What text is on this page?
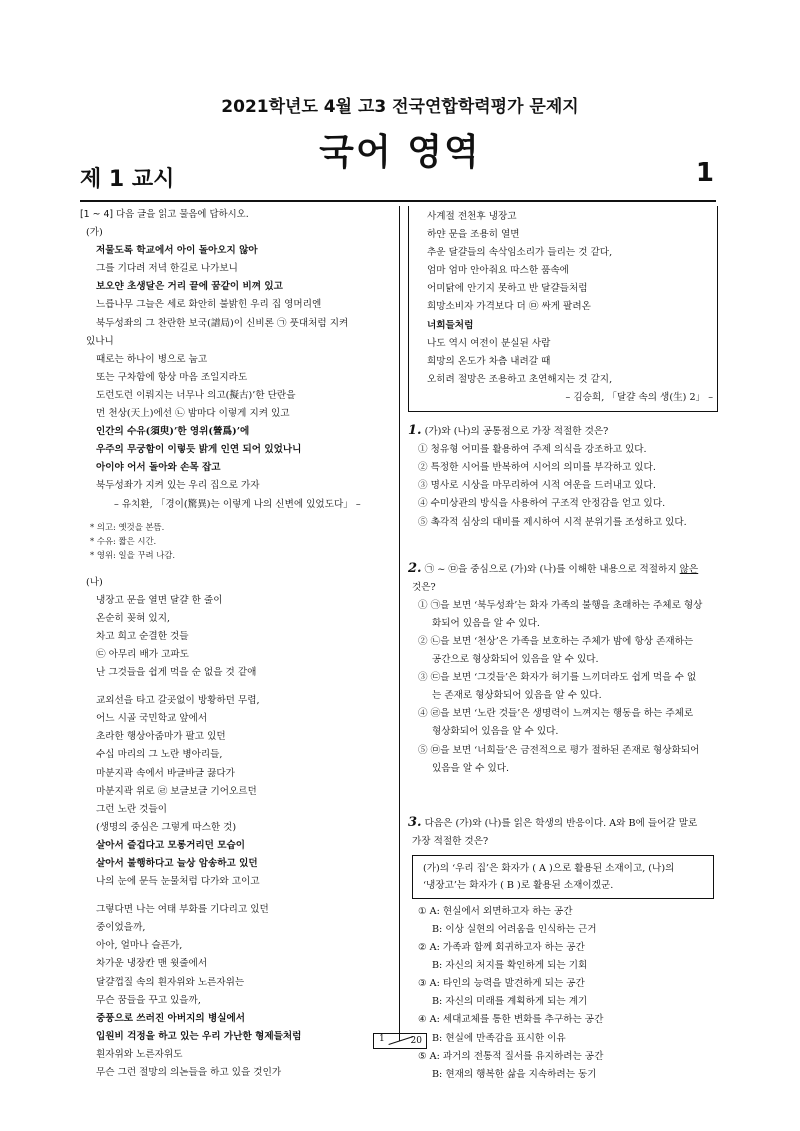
2021학년도 4월 고3 전국연합학력평가 문제지
국어 영역
제 1 교시	1
[1 ~ 4] 다음 글을 읽고 물음에 답하시오.
(가)
저물도록 학교에서 아이 돌아오지 않아
그를 기다려 저녁 한길로 나가보니
보오얀 초생달은 거리 끝에 꿈같이 비껴 있고
느릅나무 그늘은 세로 화안히 불밝힌 우리 집 영머리엔
북두성좌의 그 찬란한 보국(譜局)이 신비론 ㉠ 풋대처럼 지켜
있나니
때로는 하나이 병으로 눕고
또는 구차함에 항상 마음 조일지라도
도런도런 이뤄지는 너무나 의고(擬古)’한 단란을
먼 천상(天上)에선 ㉡ 밤마다 이렇게 지켜 있고
인간의 수유(須臾)’한 영위(營爲)’에
우주의 무궁함이 이렇듯 밝게 인연 되어 있었나니
아이야 어서 돌아와 손목 잡고
북두성좌가 지켜 있는 우리 집으로 가자
– 유치환, 「경이(驚異)는 이렇게 나의 신변에 있었도다」 –
* 의고: 옛것을 본뜸.
* 수유: 짧은 시간.
* 영위: 일을 꾸려 나감.
(나)
냉장고 문을 열면 달걀 한 줄이
온순히 꽂혀 있지,
차고 희고 순결한 것들
㉢ 아무리 배가 고파도
난 그것들을 쉽게 먹을 순 없을 것 같애
교외선을 타고 갈곳없이 방황하던 무렵,
어느 시골 국민학교 앞에서
초라한 행상아줌마가 팔고 있던
수십 마리의 그 노란 병아리들,
마분지곽 속에서 바글바글 끓다가
마분지곽 위로 ㉣ 보글보글 기어오르던
그런 노란 것들이
(생명의 중심은 그렇게 따스한 것)
살아서 즐겁다고 모롱거리던 모습이
살아서 불행하다고 늘상 암송하고 있던
나의 눈에 문득 눈물처럼 다가와 고이고
그렇다면 나는 여태 부화를 기다리고 있던
중이었을까,
아아, 얼마나 슬픈가,
차가운 냉장칸 맨 윗줄에서
달걀껍질 속의 흰자위와 노른자위는
무슨 꿈들을 꾸고 있을까,
중풍으로 쓰러진 아버지의 병실에서
입원비 걱정을 하고 있는 우리 가난한 형제들처럼
흰자위와 노른자위도
무슨 그런 절망의 의논들을 하고 있을 것인가
사계절 전천후 냉장고
하얀 문을 조용히 열면
추운 달걀들의 속삭임소리가 들리는 것 같다,
엄마 엄마 안아줘요 따스한 품속에
어미닭에 안기지 못하고 반 달걀들처럼
희망소비자 가격보다 더 ㉤ 싸게 팔려온
너희들처럼
나도 역시 여전이 분실된 사람
희망의 온도가 차츰 내려갈 때
오히려 절망은 조용하고 초연해지는 것 같지,
– 김승희, 「달걀 속의 생(生) 2」 –
1. (가)와 (나)의 공통점으로 가장 적절한 것은?
① 청유형 어미를 활용하여 주제 의식을 강조하고 있다.
② 특정한 시어를 반복하여 시어의 의미를 부각하고 있다.
③ 명사로 시상을 마무리하여 시적 여운을 드러내고 있다.
④ 수미상관의 방식을 사용하여 구조적 안정감을 얻고 있다.
⑤ 촉각적 심상의 대비를 제시하여 시적 분위기를 조성하고 있다.
2. ㉠ ~ ㉤을 중심으로 (가)와 (나)를 이해한 내용으로 적절하지 않은
것은?
① ㉠을 보면 ‘북두성좌’는 화자 가족의 불행을 초래하는 주체로 형상
화되어 있음을 알 수 있다.
② ㉡을 보면 ‘천상’은 가족을 보호하는 주체가 밤에 항상 존재하는
공간으로 형상화되어 있음을 알 수 있다.
③ ㉢을 보면 ‘그것들’은 화자가 허기를 느끼더라도 쉽게 먹을 수 없
는 존재로 형상화되어 있음을 알 수 있다.
④ ㉣을 보면 ‘노란 것들’은 생명력이 느껴지는 행동을 하는 주체로
형상화되어 있음을 알 수 있다.
⑤ ㉤을 보면 ‘너희들’은 금전적으로 평가 절하된 존재로 형상화되어
있음을 알 수 있다.
3. 다음은 (가)와 (나)를 읽은 학생의 반응이다. A와 B에 들어갈 말로
가장 적절한 것은?
(가)의 ‘우리 집’은 화자가 ( A )으로 활용된 소재이고, (나)의
‘냉장고’는 화자가 ( B )로 활용된 소재이겠군.
① A: 현실에서 외면하고자 하는 공간
B: 이상 실현의 어려움을 인식하는 근거
② A: 가족과 함께 회귀하고자 하는 공간
B: 자신의 처지를 확인하게 되는 기회
③ A: 타인의 능력을 발견하게 되는 공간
B: 자신의 미래를 계획하게 되는 계기
④ A: 세대교체를 통한 변화를 추구하는 공간
B: 현실에 만족감을 표시한 이유
⑤ A: 과거의 전통적 질서를 유지하려는 공간
B: 현재의 행복한 삶을 지속하려는 동기
1	20
